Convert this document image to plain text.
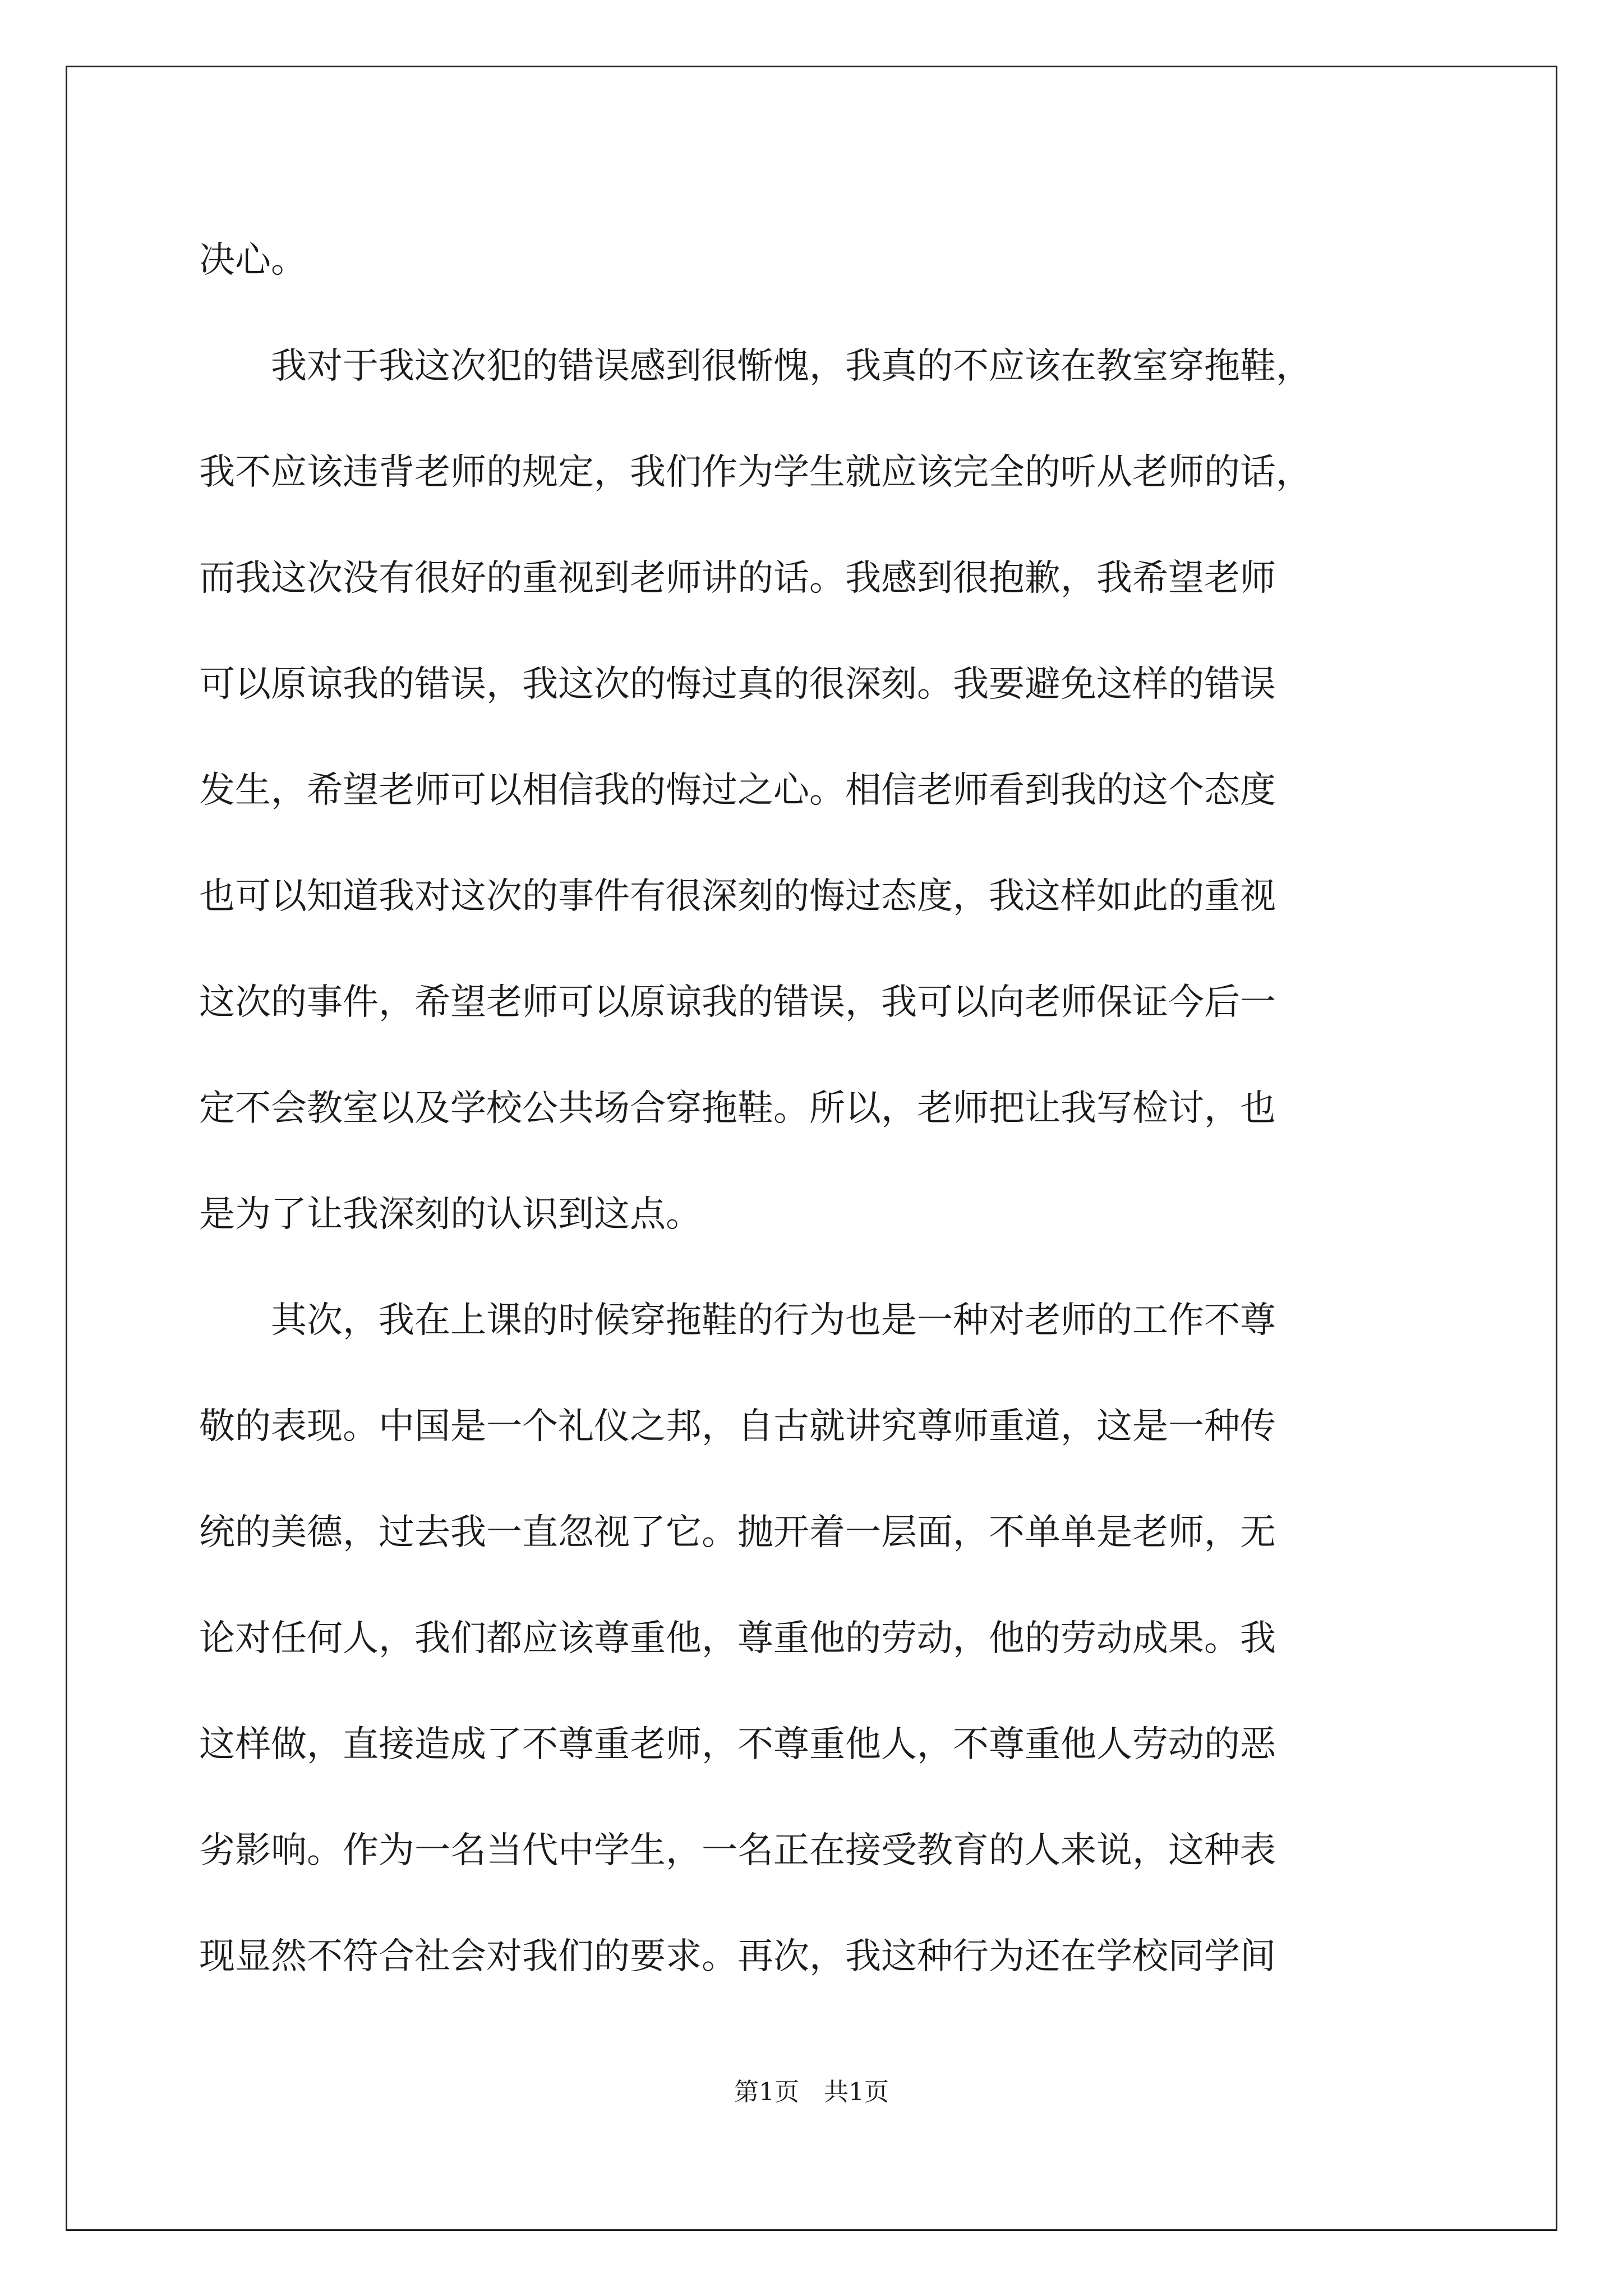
决心。
　　我对于我这次犯的错误感到很惭愧，我真的不应该在教室穿拖鞋，
我不应该违背老师的规定，我们作为学生就应该完全的听从老师的话，
而我这次没有很好的重视到老师讲的话。我感到很抱歉，我希望老师
可以原谅我的错误，我这次的悔过真的很深刻。我要避免这样的错误
发生，希望老师可以相信我的悔过之心。相信老师看到我的这个态度
也可以知道我对这次的事件有很深刻的悔过态度，我这样如此的重视
这次的事件，希望老师可以原谅我的错误，我可以向老师保证今后一
定不会教室以及学校公共场合穿拖鞋。所以，老师把让我写检讨，也
是为了让我深刻的认识到这点。
　　其次，我在上课的时候穿拖鞋的行为也是一种对老师的工作不尊
敬的表现。中国是一个礼仪之邦，自古就讲究尊师重道，这是一种传
统的美德，过去我一直忽视了它。抛开着一层面，不单单是老师，无
论对任何人，我们都应该尊重他，尊重他的劳动，他的劳动成果。我
这样做，直接造成了不尊重老师，不尊重他人，不尊重他人劳动的恶
劣影响。作为一名当代中学生，一名正在接受教育的人来说，这种表
现显然不符合社会对我们的要求。再次，我这种行为还在学校同学间
第1页　共1页
